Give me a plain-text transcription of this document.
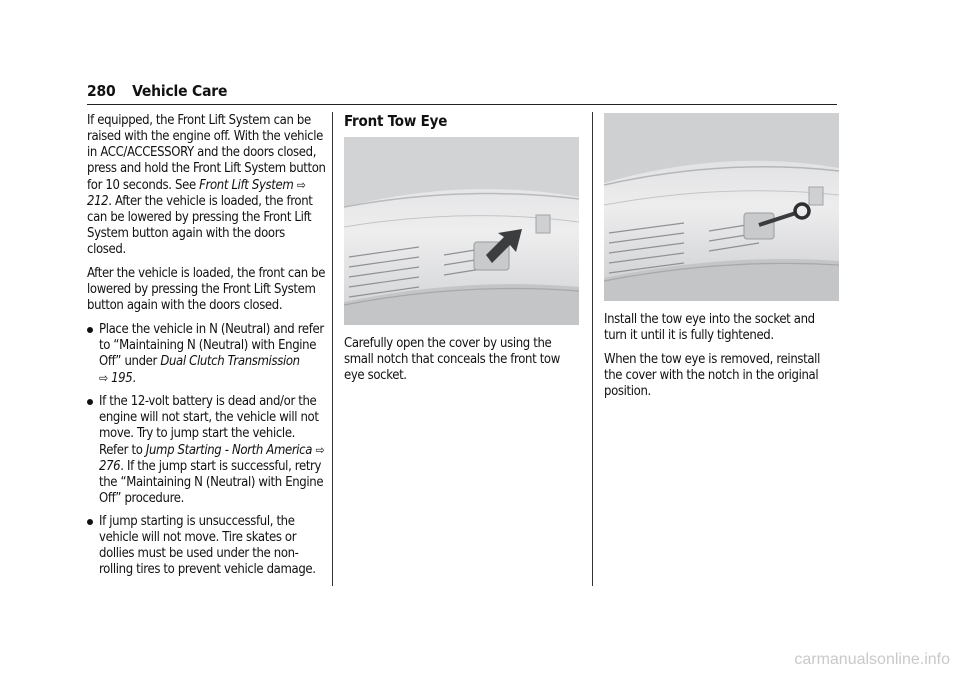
280 Vehicle Care

If equipped, the Front Lift System can be raised with the engine off. With the vehicle in ACC/ACCESSORY and the doors closed, press and hold the Front Lift System button for 10 seconds. See Front Lift System ⇨ 212. After the vehicle is loaded, the front can be lowered by pressing the Front Lift System button again with the doors closed.

After the vehicle is loaded, the front can be lowered by pressing the Front Lift System button again with the doors closed.

Place the vehicle in N (Neutral) and refer to “Maintaining N (Neutral) with Engine Off” under Dual Clutch Transmission
⇨ 195.
If the 12-volt battery is dead and/or the engine will not start, the vehicle will not move. Try to jump start the vehicle. Refer to Jump Starting - North America ⇨ 276. If the jump start is successful, retry the “Maintaining N (Neutral) with Engine Off” procedure.
If jump starting is unsuccessful, the vehicle will not move. Tire skates or dollies must be used under the non-rolling tires to prevent vehicle damage.
Front Tow Eye

Carefully open the cover by using the small notch that conceals the front tow eye socket.

Install the tow eye into the socket and turn it until it is fully tightened.

When the tow eye is removed, reinstall the cover with the notch in the original position.

carmanualsonline.info
